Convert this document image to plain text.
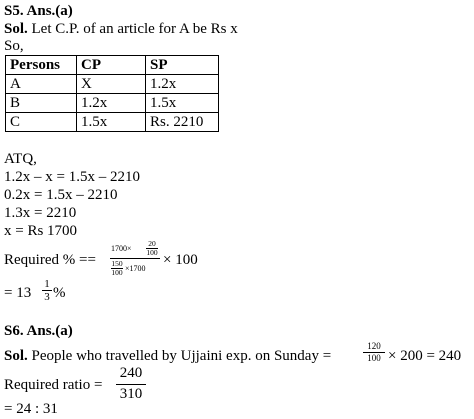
S5. Ans.(a)
Sol. Let C.P. of an article for A be Rs x
So,
Persons	CP	SP
A	X	1.2x
B	1.2x	1.5x
C	1.5x	Rs. 2210
ATQ,
1.2x – x = 1.5x – 2210
0.2x = 1.5x – 2210
1.3x = 2210
x = Rs 1700
Required % ==
1700×
20
100
150
100 ×1700
× 100
= 13
1
3 %
S6. Ans.(a)
Sol. People who travelled by Ujjaini exp. on Sunday =
120
100 × 200 = 240
Required ratio =
240
310
= 24 : 31
